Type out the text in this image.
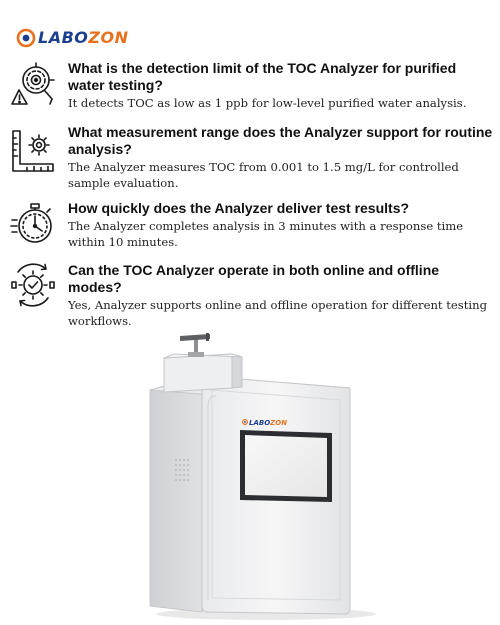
LABOZON
What is the detection limit of the TOC Analyzer for purified water testing?
It detects TOC as low as 1 ppb for low-level purified water analysis.
What measurement range does the Analyzer support for routine analysis?
The Analyzer measures TOC from 0.001 to 1.5 mg/L for controlled sample evaluation.
How quickly does the Analyzer deliver test results?
The Analyzer completes analysis in 3 minutes with a response time within 10 minutes.
Can the TOC Analyzer operate in both online and offline modes?
Yes, Analyzer supports online and offline operation for different testing workflows.
LABOZON
